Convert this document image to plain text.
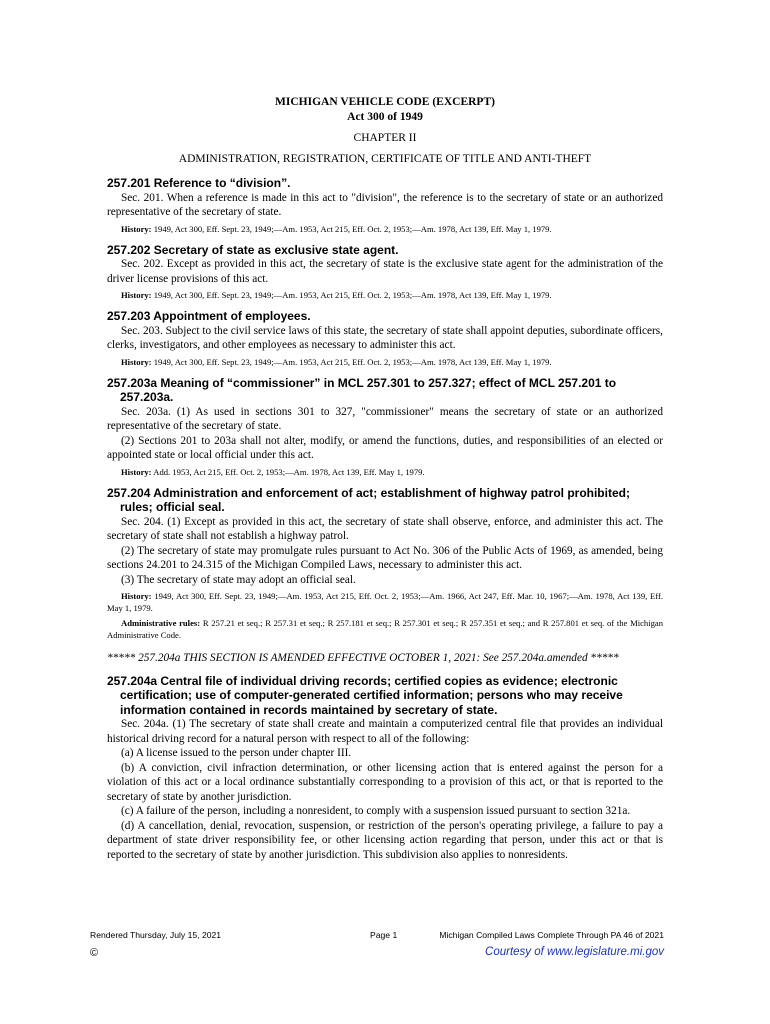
MICHIGAN VEHICLE CODE (EXCERPT)
Act 300 of 1949
CHAPTER II
ADMINISTRATION, REGISTRATION, CERTIFICATE OF TITLE AND ANTI-THEFT

257.201 Reference to “division”.

Sec. 201. When a reference is made in this act to "division", the reference is to the secretary of state or an authorized representative of the secretary of state.

History: 1949, Act 300, Eff. Sept. 23, 1949;—Am. 1953, Act 215, Eff. Oct. 2, 1953;—Am. 1978, Act 139, Eff. May 1, 1979.

257.202 Secretary of state as exclusive state agent.

Sec. 202. Except as provided in this act, the secretary of state is the exclusive state agent for the administration of the driver license provisions of this act.

History: 1949, Act 300, Eff. Sept. 23, 1949;—Am. 1953, Act 215, Eff. Oct. 2, 1953;—Am. 1978, Act 139, Eff. May 1, 1979.

257.203 Appointment of employees.

Sec. 203. Subject to the civil service laws of this state, the secretary of state shall appoint deputies, subordinate officers, clerks, investigators, and other employees as necessary to administer this act.

History: 1949, Act 300, Eff. Sept. 23, 1949;—Am. 1953, Act 215, Eff. Oct. 2, 1953;—Am. 1978, Act 139, Eff. May 1, 1979.

257.203a Meaning of “commissioner” in MCL 257.301 to 257.327; effect of MCL 257.201 to 257.203a.

Sec. 203a. (1) As used in sections 301 to 327, "commissioner" means the secretary of state or an authorized representative of the secretary of state.

(2) Sections 201 to 203a shall not alter, modify, or amend the functions, duties, and responsibilities of an elected or appointed state or local official under this act.

History: Add. 1953, Act 215, Eff. Oct. 2, 1953;—Am. 1978, Act 139, Eff. May 1, 1979.

257.204 Administration and enforcement of act; establishment of highway patrol prohibited; rules; official seal.

Sec. 204. (1) Except as provided in this act, the secretary of state shall observe, enforce, and administer this act. The secretary of state shall not establish a highway patrol.

(2) The secretary of state may promulgate rules pursuant to Act No. 306 of the Public Acts of 1969, as amended, being sections 24.201 to 24.315 of the Michigan Compiled Laws, necessary to administer this act.

(3) The secretary of state may adopt an official seal.

History: 1949, Act 300, Eff. Sept. 23, 1949;—Am. 1953, Act 215, Eff. Oct. 2, 1953;—Am. 1966, Act 247, Eff. Mar. 10, 1967;—Am. 1978, Act 139, Eff. May 1, 1979.

Administrative rules: R 257.21 et seq.; R 257.31 et seq.; R 257.181 et seq.; R 257.301 et seq.; R 257.351 et seq.; and R 257.801 et seq. of the Michigan Administrative Code.

***** 257.204a THIS SECTION IS AMENDED EFFECTIVE OCTOBER 1, 2021: See 257.204a.amended *****

257.204a Central file of individual driving records; certified copies as evidence; electronic certification; use of computer-generated certified information; persons who may receive information contained in records maintained by secretary of state.

Sec. 204a. (1) The secretary of state shall create and maintain a computerized central file that provides an individual historical driving record for a natural person with respect to all of the following:

(a) A license issued to the person under chapter III.

(b) A conviction, civil infraction determination, or other licensing action that is entered against the person for a violation of this act or a local ordinance substantially corresponding to a provision of this act, or that is reported to the secretary of state by another jurisdiction.

(c) A failure of the person, including a nonresident, to comply with a suspension issued pursuant to section 321a.

(d) A cancellation, denial, revocation, suspension, or restriction of the person's operating privilege, a failure to pay a department of state driver responsibility fee, or other licensing action regarding that person, under this act or that is reported to the secretary of state by another jurisdiction. This subdivision also applies to nonresidents.

Rendered Thursday, July 15, 2021	Page 1	Michigan Compiled Laws Complete Through PA 46 of 2021
©	Courtesy of www.legislature.mi.gov
